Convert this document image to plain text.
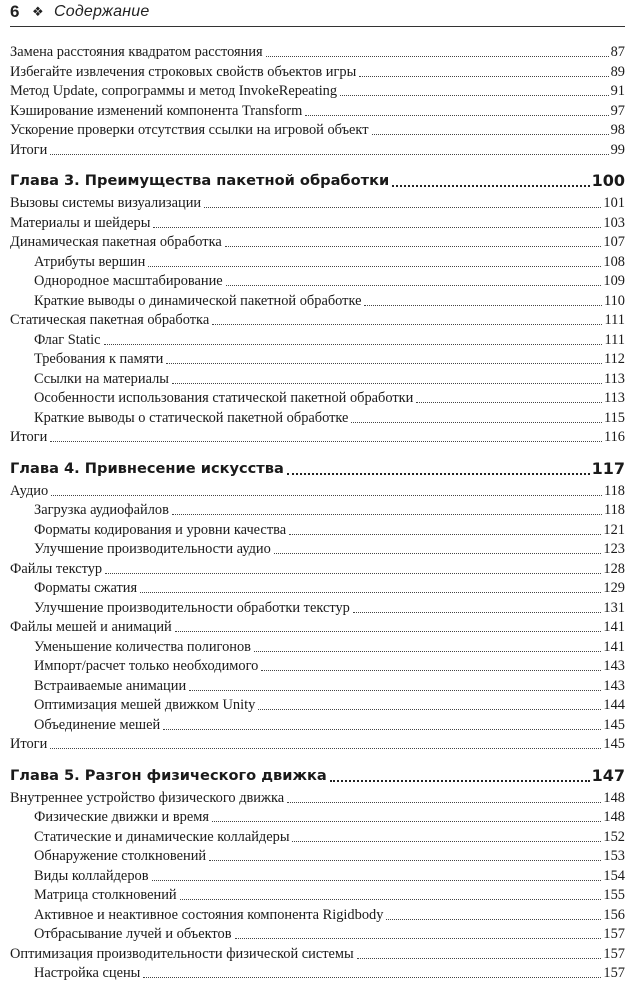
6 ❖ Содержание
Замена расстояния квадратом расстояния	87
Избегайте извлечения строковых свойств объектов игры	89
Метод Update, сопрограммы и метод InvokeRepeating	91
Кэширование изменений компонента Transform	97
Ускорение проверки отсутствия ссылки на игровой объект	98
Итоги	99
Глава 3. Преимущества пакетной обработки	100
Вызовы системы визуализации	101
Материалы и шейдеры	103
Динамическая пакетная обработка	107
Атрибуты вершин	108
Однородное масштабирование	109
Краткие выводы о динамической пакетной обработке	110
Статическая пакетная обработка	111
Флаг Static	111
Требования к памяти	112
Ссылки на материалы	113
Особенности использования статической пакетной обработки	113
Краткие выводы о статической пакетной обработке	115
Итоги	116
Глава 4. Привнесение искусства	117
Аудио	118
Загрузка аудиофайлов	118
Форматы кодирования и уровни качества	121
Улучшение производительности аудио	123
Файлы текстур	128
Форматы сжатия	129
Улучшение производительности обработки текстур	131
Файлы мешей и анимаций	141
Уменьшение количества полигонов	141
Импорт/расчет только необходимого	143
Встраиваемые анимации	143
Оптимизация мешей движком Unity	144
Объединение мешей	145
Итоги	145
Глава 5. Разгон физического движка	147
Внутреннее устройство физического движка	148
Физические движки и время	148
Статические и динамические коллайдеры	152
Обнаружение столкновений	153
Виды коллайдеров	154
Матрица столкновений	155
Активное и неактивное состояния компонента Rigidbody	156
Отбрасывание лучей и объектов	157
Оптимизация производительности физической системы	157
Настройка сцены	157
